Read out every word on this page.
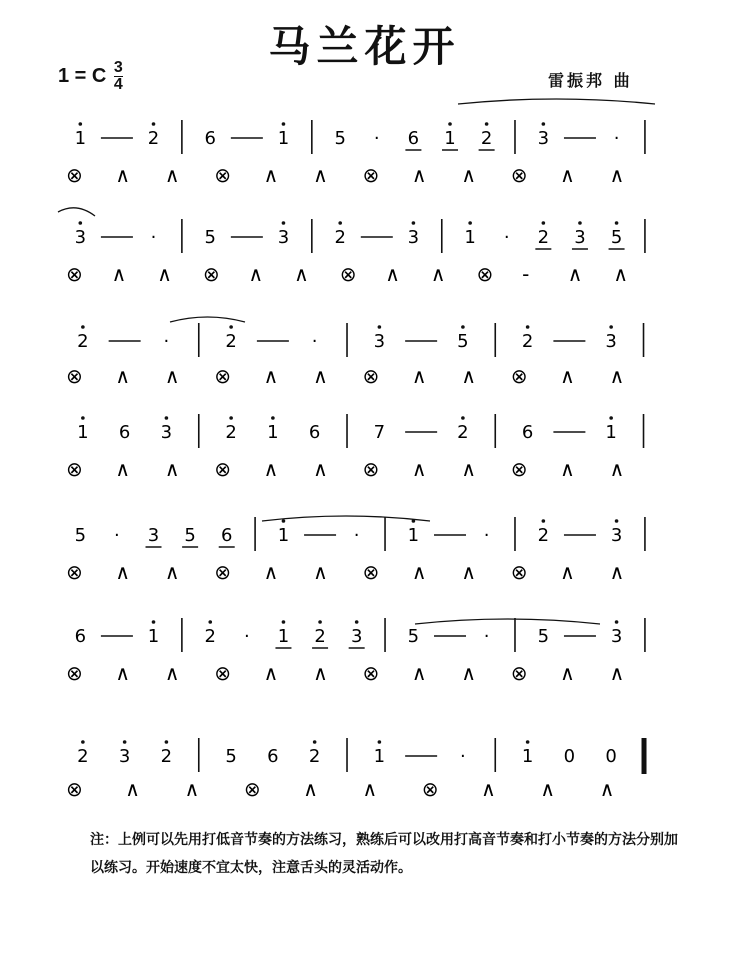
马兰花开
1 = C $\frac{3}{4}$	雷振邦 曲
1	2	6	1	5 · 6 1 2	3	·
⊗ ∧ ∧ ⊗ ∧ ∧ ⊗ ∧ ∧ ⊗ ∧ ∧
3	·	5	3	2	3	1 · 2 3 5
⊗ ∧ ∧ ⊗ ∧ ∧ ⊗ ∧ ∧ ⊗ - ∧ ∧
2	·	2	·	3	5	2	3
⊗ ∧ ∧ ⊗ ∧ ∧ ⊗ ∧ ∧ ⊗ ∧ ∧
1 6 3	2 1 6	7	2	6	1
⊗ ∧ ∧ ⊗ ∧ ∧ ⊗ ∧ ∧ ⊗ ∧ ∧
5 · 3 5 6	1	·	1	·	2	3
⊗ ∧ ∧ ⊗ ∧ ∧ ⊗ ∧ ∧ ⊗ ∧ ∧
6	1	2 · 1 2 3	5	·	5	3
⊗ ∧ ∧ ⊗ ∧ ∧ ⊗ ∧ ∧ ⊗ ∧ ∧
2 3 2	5 6 2	1	·	1 0 0
⊗ ∧ ∧ ⊗ ∧ ∧ ⊗ ∧ ∧ ∧
注：上例可以先用打低音节奏的方法练习，熟练后可以改用打高音节奏和打小节奏的方法分别加以练习。开始速度不宜太快，注意舌头的灵活动作。
